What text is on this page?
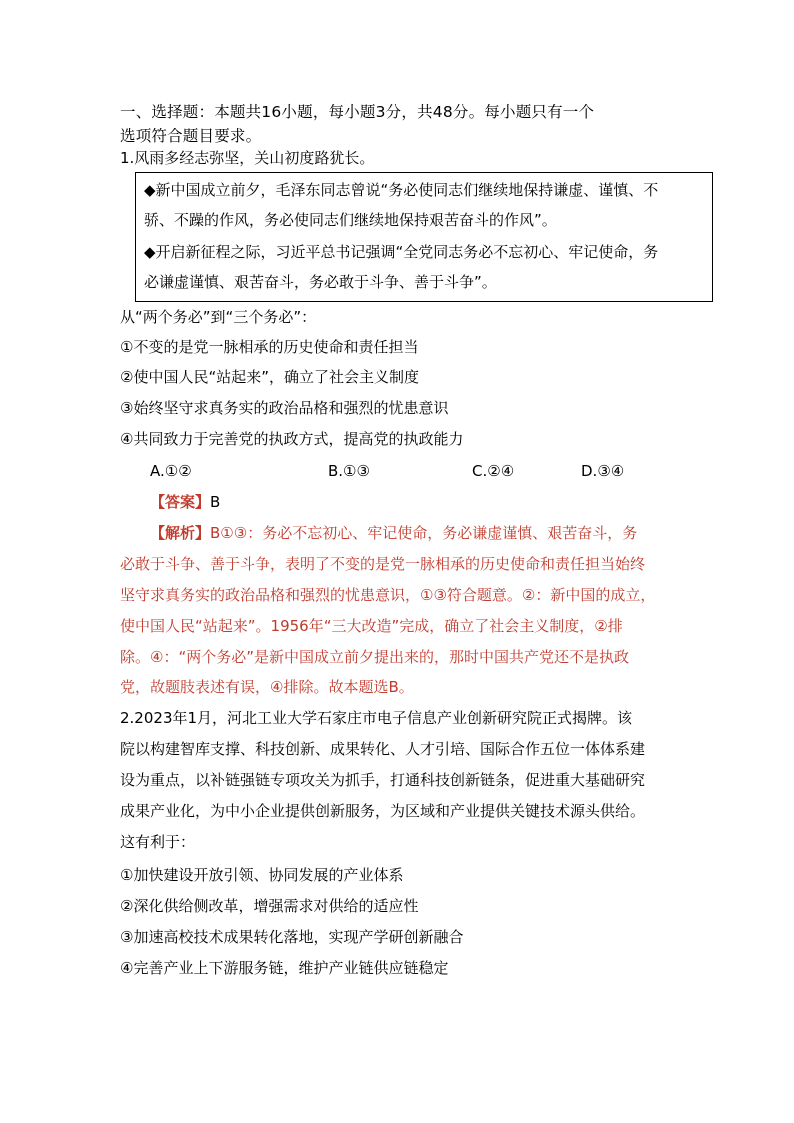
一、选择题：本题共16小题，每小题3分，共48分。每小题只有一个
选项符合题目要求。
1.风雨多经志弥坚，关山初度路犹长。
◆新中国成立前夕，毛泽东同志曾说“务必使同志们继续地保持谦虚、谨慎、不
骄、不躁的作风，务必使同志们继续地保持艰苦奋斗的作风”。
◆开启新征程之际，习近平总书记强调“全党同志务必不忘初心、牢记使命，务
必谦虚谨慎、艰苦奋斗，务必敢于斗争、善于斗争”。
从“两个务必”到“三个务必”：
①不变的是党一脉相承的历史使命和责任担当
②使中国人民“站起来”，确立了社会主义制度
③始终坚守求真务实的政治品格和强烈的忧患意识
④共同致力于完善党的执政方式，提高党的执政能力
A.①②	B.①③	C.②④	D.③④
【答案】B
【解析】B①③：务必不忘初心、牢记使命，务必谦虚谨慎、艰苦奋斗，务
必敢于斗争、善于斗争，表明了不变的是党一脉相承的历史使命和责任担当始终
坚守求真务实的政治品格和强烈的忧患意识，①③符合题意。②：新中国的成立，
使中国人民“站起来”。1956年“三大改造”完成，确立了社会主义制度，②排
除。④：“两个务必”是新中国成立前夕提出来的，那时中国共产党还不是执政
党，故题肢表述有误，④排除。故本题选B。
2.2023年1月，河北工业大学石家庄市电子信息产业创新研究院正式揭牌。该
院以构建智库支撑、科技创新、成果转化、人才引培、国际合作五位一体体系建
设为重点，以补链强链专项攻关为抓手，打通科技创新链条，促进重大基础研究
成果产业化，为中小企业提供创新服务，为区域和产业提供关键技术源头供给。
这有利于：
①加快建设开放引领、协同发展的产业体系
②深化供给侧改革，增强需求对供给的适应性
③加速高校技术成果转化落地，实现产学研创新融合
④完善产业上下游服务链，维护产业链供应链稳定
